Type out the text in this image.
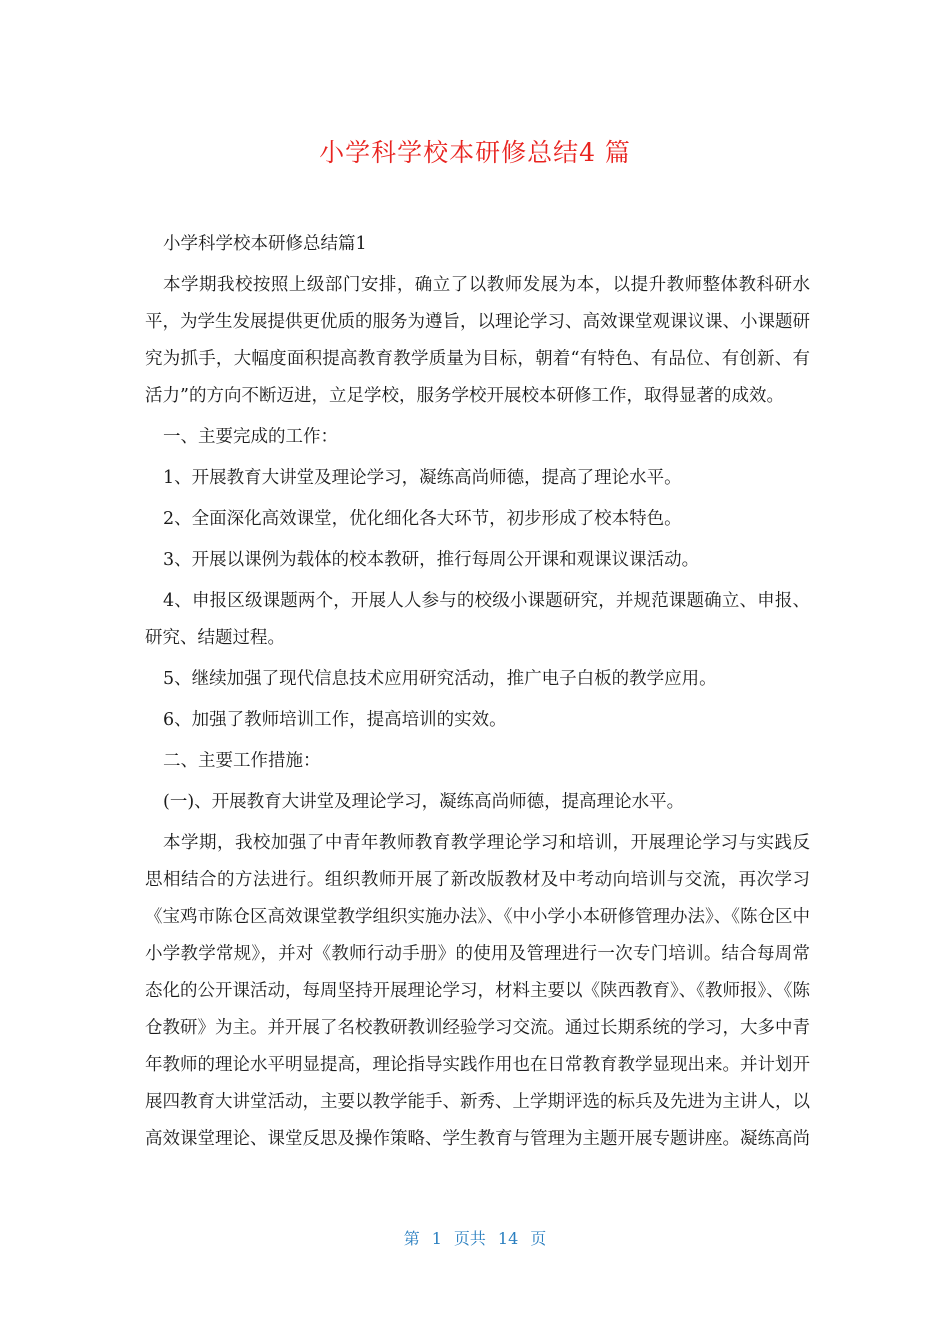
小学科学校本研修总结4 篇

小学科学校本研修总结篇1

本学期我校按照上级部门安排，确立了以教师发展为本，以提升教师整体教科研水平，为学生发展提供更优质的服务为遵旨，以理论学习、高效课堂观课议课、小课题研究为抓手，大幅度面积提高教育教学质量为目标，朝着“有特色、有品位、有创新、有活力”的方向不断迈进，立足学校，服务学校开展校本研修工作，取得显著的成效。

一、主要完成的工作：

1、开展教育大讲堂及理论学习，凝练高尚师德，提高了理论水平。

2、全面深化高效课堂，优化细化各大环节，初步形成了校本特色。

3、开展以课例为载体的校本教研，推行每周公开课和观课议课活动。

4、申报区级课题两个，开展人人参与的校级小课题研究，并规范课题确立、申报、研究、结题过程。

5、继续加强了现代信息技术应用研究活动，推广电子白板的教学应用。

6、加强了教师培训工作，提高培训的实效。

二、主要工作措施：

(一)、开展教育大讲堂及理论学习，凝练高尚师德，提高理论水平。

本学期，我校加强了中青年教师教育教学理论学习和培训，开展理论学习与实践反思相结合的方法进行。组织教师开展了新改版教材及中考动向培训与交流，再次学习《宝鸡市陈仓区高效课堂教学组织实施办法》、《中小学小本研修管理办法》、《陈仓区中小学教学常规》，并对《教师行动手册》的使用及管理进行一次专门培训。结合每周常态化的公开课活动，每周坚持开展理论学习，材料主要以《陕西教育》、《教师报》、《陈仓教研》为主。并开展了名校教研教训经验学习交流。通过长期系统的学习，大多中青年教师的理论水平明显提高，理论指导实践作用也在日常教育教学显现出来。并计划开展四教育大讲堂活动，主要以教学能手、新秀、上学期评选的标兵及先进为主讲人，以高效课堂理论、课堂反思及操作策略、学生教育与管理为主题开展专题讲座。凝练高尚

第 1 页共 14 页
